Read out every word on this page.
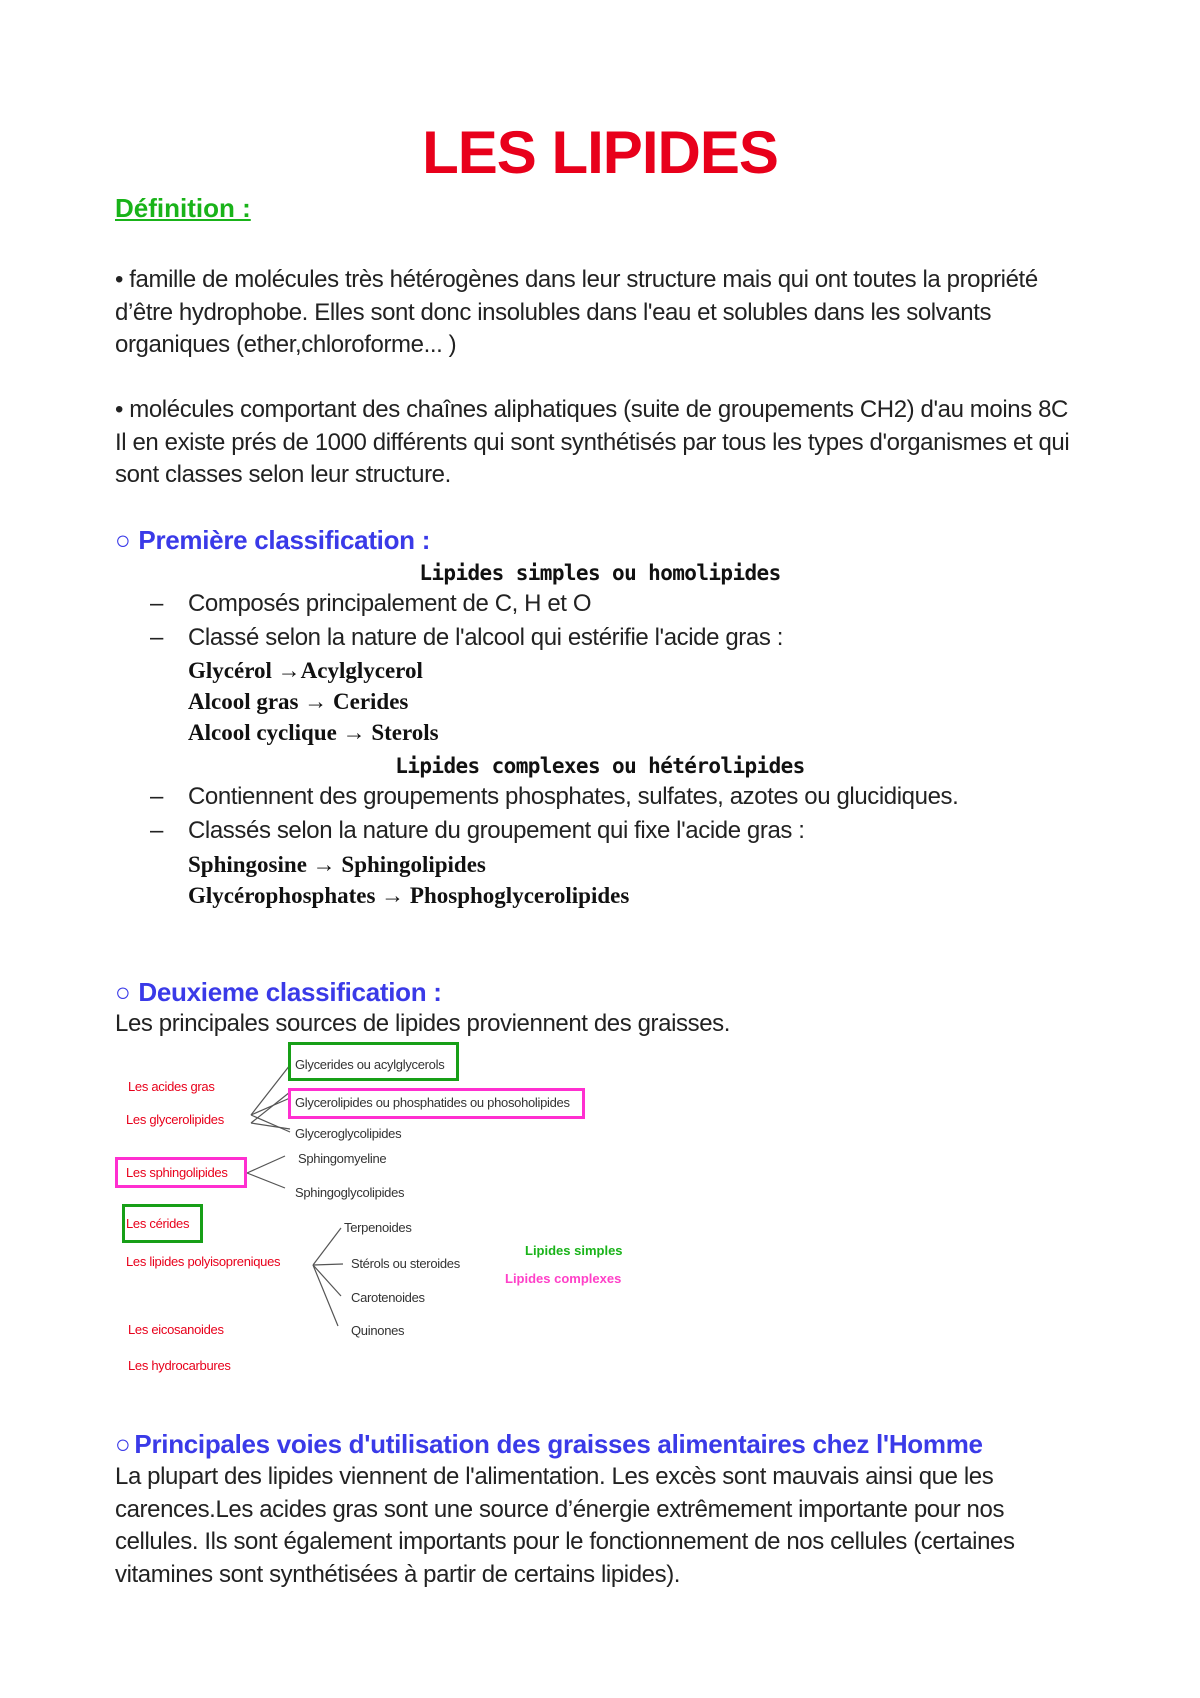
LES LIPIDES
Définition :
• famille de molécules très hétérogènes dans leur structure mais qui ont toutes la propriété
d’être hydrophobe. Elles sont donc insolubles dans l'eau et solubles dans les solvants
organiques (ether,chloroforme... )
• molécules comportant des chaînes aliphatiques (suite de groupements CH2) d'au moins 8C
Il en existe prés de 1000 différents qui sont synthétisés par tous les types d'organismes et qui
sont classes selon leur structure.
○ Première classification :
Lipides simples ou homolipides
– Composés principalement de C, H et O
– Classé selon la nature de l'alcool qui estérifie l'acide gras :
Glycérol →Acylglycerol
Alcool gras → Cerides
Alcool cyclique → Sterols
Lipides complexes ou hétérolipides
– Contiennent des groupements phosphates, sulfates, azotes ou glucidiques.
– Classés selon la nature du groupement qui fixe l'acide gras :
Sphingosine → Sphingolipides
Glycérophosphates → Phosphoglycerolipides
○ Deuxieme classification :
Les principales sources de lipides proviennent des graisses.
Les acides gras
Les glycerolipides
Les sphingolipides
Les cérides
Les lipides polyisopreniques
Les eicosanoides
Les hydrocarbures
Glycerides ou acylglycerols
Glycerolipides ou phosphatides ou phosoholipides
Glyceroglycolipides
Sphingomyeline
Sphingoglycolipides
Terpenoides
Stérols ou steroides
Carotenoides
Quinones
Lipides simples
Lipides complexes
○ Principales voies d'utilisation des graisses alimentaires chez l'Homme
La plupart des lipides viennent de l'alimentation. Les excès sont mauvais ainsi que les
carences.Les acides gras sont une source d’énergie extrêmement importante pour nos
cellules. Ils sont également importants pour le fonctionnement de nos cellules (certaines
vitamines sont synthétisées à partir de certains lipides).
